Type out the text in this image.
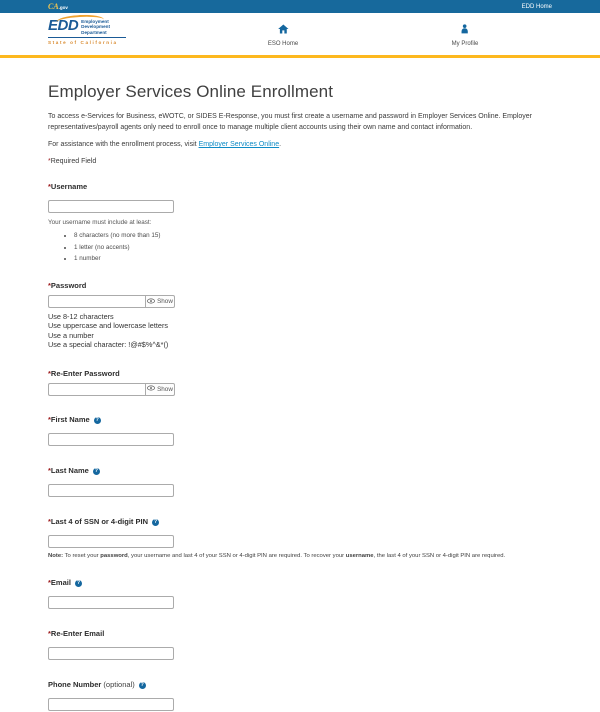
CA.gov	EDD Home
EDD Employment
Development
Department
State of California	ESO Home	My Profile
Employer Services Online Enrollment

To access e-Services for Business, eWOTC, or SIDES E-Response, you must first create a username and password in Employer Services Online. Employer representatives/payroll agents only need to enroll once to manage multiple client accounts using their own name and contact information.

For assistance with the enrollment process, visit Employer Services Online.

*Required Field

*Username
Your username must include at least:
• 8 characters (no more than 15)
• 1 letter (no accents)
• 1 number
*Password
Show
Use 8-12 characters
Use uppercase and lowercase letters
Use a number
Use a special character: !@#$%^&*()
*Re-Enter Password
Show
*First Name ?
*Last Name ?
*Last 4 of SSN or 4-digit PIN ?

Note: To reset your password, your username and last 4 of your SSN or 4-digit PIN are required. To recover your username, the last 4 of your SSN or 4-digit PIN are required.

*Email ?
*Re-Enter Email
Phone Number (optional) ?
